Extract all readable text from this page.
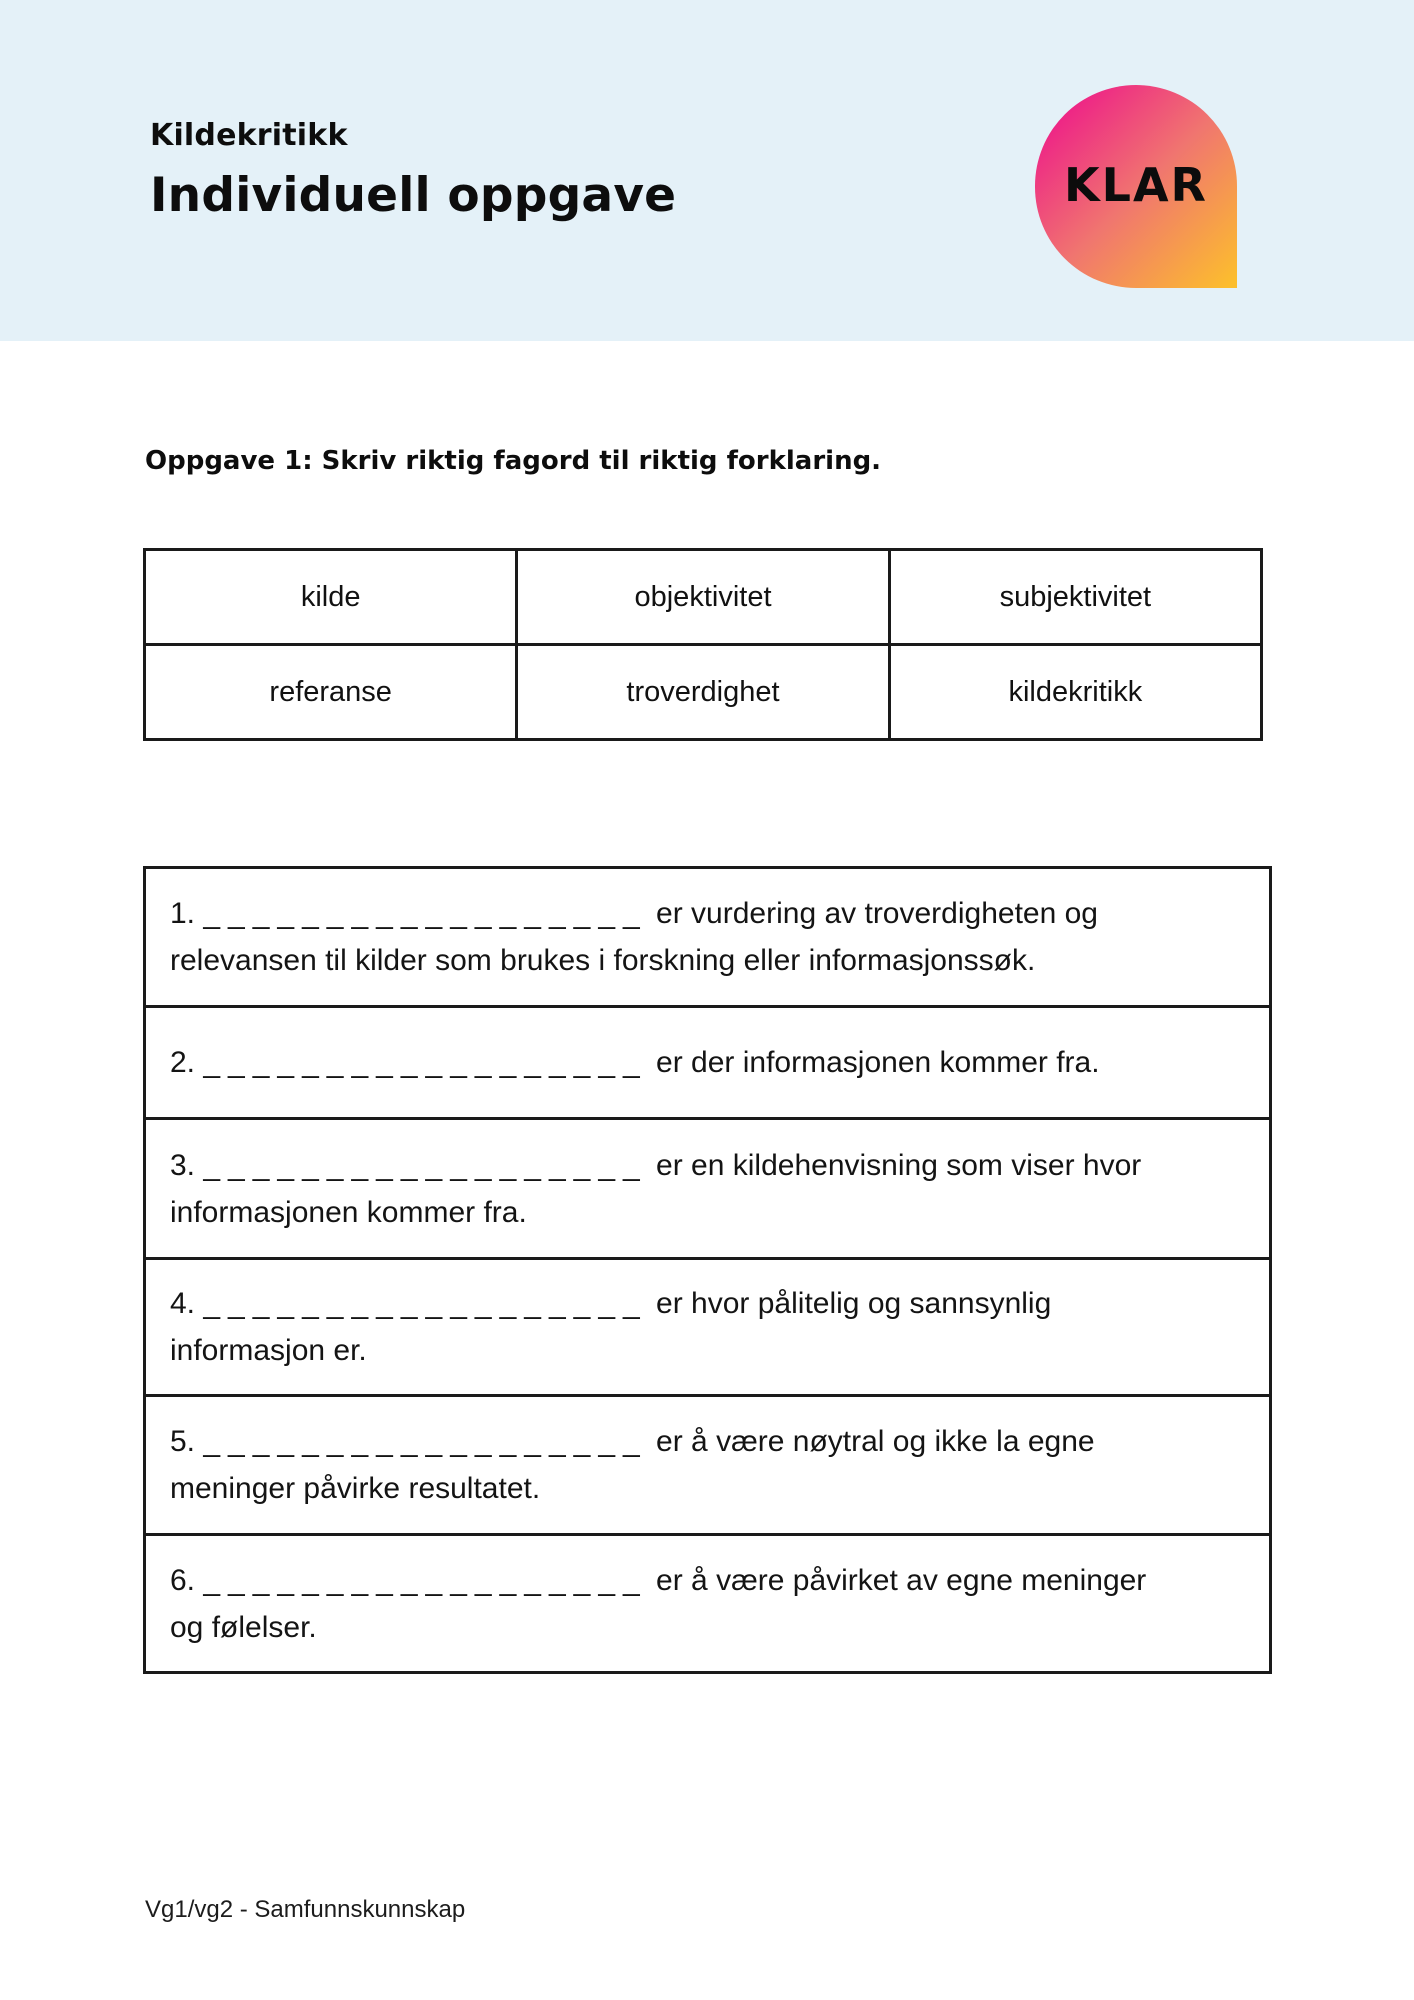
Kildekritikk
Individuell oppgave	KLAR

Oppgave 1: Skriv riktig fagord til riktig forklaring.

kilde	objektivitet	subjektivitet
referanse	troverdighet	kildekritikk

1. __________________ er vurdering av troverdigheten og relevansen til kilder som brukes i forskning eller informasjonssøk.

2. __________________ er der informasjonen kommer fra.

3. __________________ er en kildehenvisning som viser hvor informasjonen kommer fra.

4. __________________ er hvor pålitelig og sannsynlig informasjon er.

5. __________________ er å være nøytral og ikke la egne meninger påvirke resultatet.

6. __________________ er å være påvirket av egne meninger og følelser.

Vg1/vg2 - Samfunnskunnskap
